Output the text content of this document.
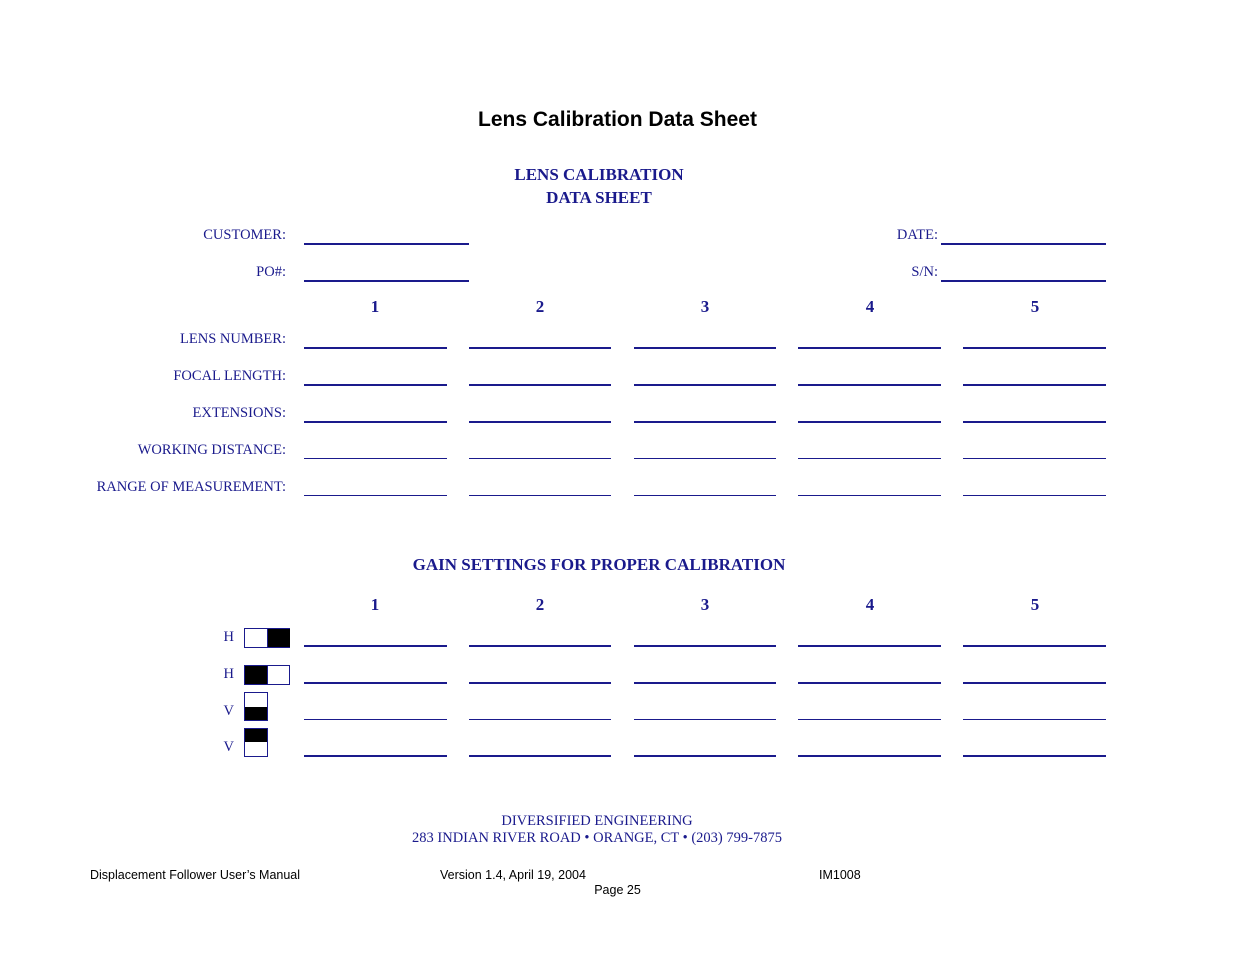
Lens Calibration Data Sheet
LENS CALIBRATION
DATA SHEET
CUSTOMER:
PO#:
DATE:
S/N:
1	2	3	4	5
LENS NUMBER:
FOCAL LENGTH:
EXTENSIONS:
WORKING DISTANCE:
RANGE OF MEASUREMENT:
GAIN SETTINGS FOR PROPER CALIBRATION
1	2	3	4	5
H
H
V
V
DIVERSIFIED ENGINEERING
283 INDIAN RIVER ROAD • ORANGE, CT • (203) 799-7875
Displacement Follower User’s Manual	Version 1.4, April 19, 2004	IM1008
Page 25
